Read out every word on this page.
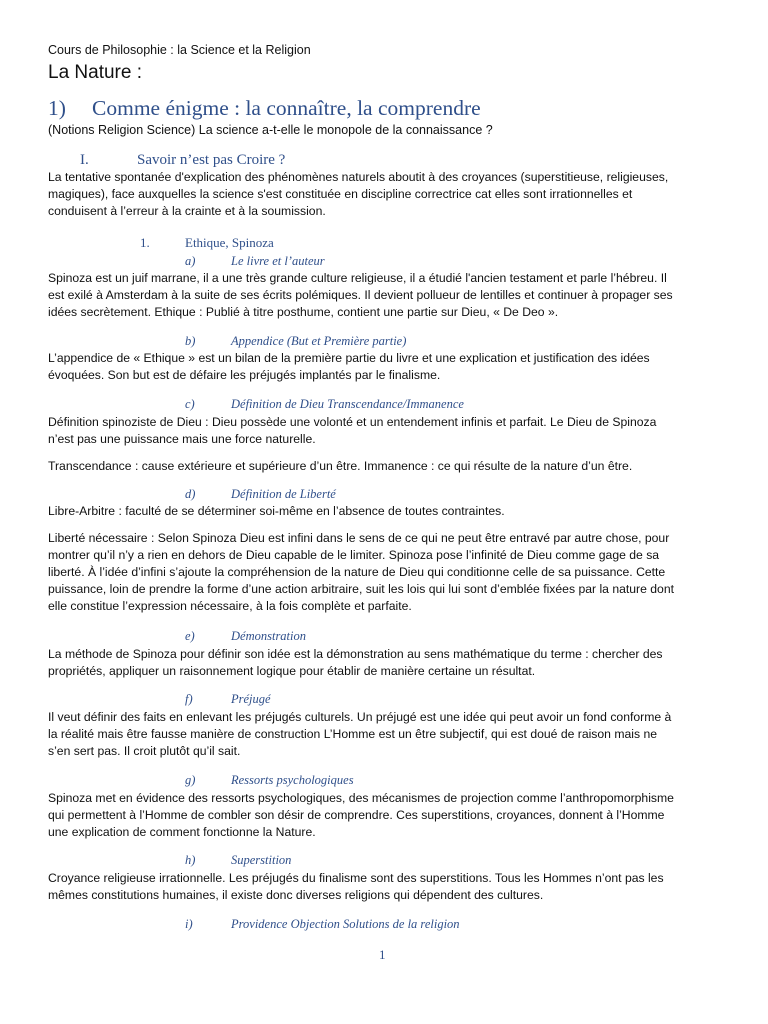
Cours de Philosophie : la Science et la Religion
La Nature :
1) Comme énigme : la connaître, la comprendre
(Notions Religion Science) La science a-t-elle le monopole de la connaissance ?
I.	Savoir n’est pas Croire ?
La tentative spontanée d'explication des phénomènes naturels aboutit à des croyances (superstitieuse, religieuses,
magiques), face auxquelles la science s'est constituée en discipline correctrice cat elles sont irrationnelles et
conduisent à l’erreur à la crainte et à la soumission.
1.	Ethique, Spinoza
a)	Le livre et l’auteur
Spinoza est un juif marrane, il a une très grande culture religieuse, il a étudié l'ancien testament et parle l’hébreu. Il
est exilé à Amsterdam à la suite de ses écrits polémiques. Il devient pollueur de lentilles et continuer à propager ses
idées secrètement. Ethique : Publié à titre posthume, contient une partie sur Dieu, « De Deo ».
b)	Appendice (But et Première partie)
L’appendice de « Ethique » est un bilan de la première partie du livre et une explication et justification des idées
évoquées. Son but est de défaire les préjugés implantés par le finalisme.
c)	Définition de Dieu Transcendance/Immanence
Définition spinoziste de Dieu : Dieu possède une volonté et un entendement infinis et parfait. Le Dieu de Spinoza
n’est pas une puissance mais une force naturelle.
Transcendance : cause extérieure et supérieure d’un être. Immanence : ce qui résulte de la nature d’un être.
d)	Définition de Liberté
Libre-Arbitre : faculté de se déterminer soi-même en l’absence de toutes contraintes.
Liberté nécessaire : Selon Spinoza Dieu est infini dans le sens de ce qui ne peut être entravé par autre chose, pour
montrer qu’il n’y a rien en dehors de Dieu capable de le limiter. Spinoza pose l’infinité de Dieu comme gage de sa
liberté. À l’idée d’infini s’ajoute la compréhension de la nature de Dieu qui conditionne celle de sa puissance. Cette
puissance, loin de prendre la forme d’une action arbitraire, suit les lois qui lui sont d’emblée fixées par la nature dont
elle constitue l’expression nécessaire, à la fois complète et parfaite.
e)	Démonstration
La méthode de Spinoza pour définir son idée est la démonstration au sens mathématique du terme : chercher des
propriétés, appliquer un raisonnement logique pour établir de manière certaine un résultat.
f)	Préjugé
Il veut définir des faits en enlevant les préjugés culturels. Un préjugé est une idée qui peut avoir un fond conforme à
la réalité mais être fausse manière de construction L’Homme est un être subjectif, qui est doué de raison mais ne
s’en sert pas. Il croit plutôt qu’il sait.
g)	Ressorts psychologiques
Spinoza met en évidence des ressorts psychologiques, des mécanismes de projection comme l’anthropomorphisme
qui permettent à l’Homme de combler son désir de comprendre. Ces superstitions, croyances, donnent à l’Homme
une explication de comment fonctionne la Nature.
h)	Superstition
Croyance religieuse irrationnelle. Les préjugés du finalisme sont des superstitions. Tous les Hommes n’ont pas les
mêmes constitutions humaines, il existe donc diverses religions qui dépendent des cultures.
i)	Providence Objection Solutions de la religion
1
